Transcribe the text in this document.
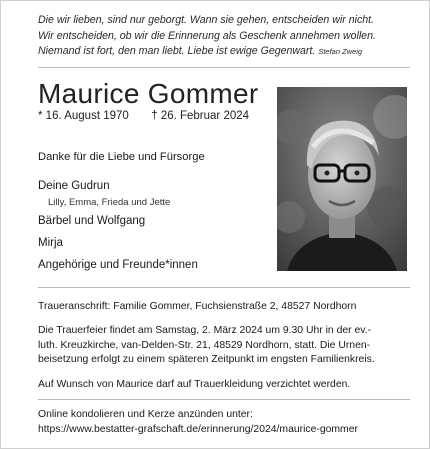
Die wir lieben, sind nur geborgt. Wann sie gehen, entscheiden wir nicht.
Wir entscheiden, ob wir die Erinnerung als Geschenk annehmen wollen.
Niemand ist fort, den man liebt. Liebe ist ewige Gegenwart. Stefan Zweig
Maurice Gommer
* 16. August 1970 † 26. Februar 2024
Danke für die Liebe und Fürsorge
Deine Gudrun
Lilly, Emma, Frieda und Jette
Bärbel und Wolfgang
Mirja
Angehörige und Freunde*innen
Traueranschrift: Familie Gommer, Fuchsienstraße 2, 48527 Nordhorn
Die Trauerfeier findet am Samstag, 2. März 2024 um 9.30 Uhr in der ev.-
luth. Kreuzkirche, van-Delden-Str. 21, 48529 Nordhorn, statt. Die Urnen-
beisetzung erfolgt zu einem späteren Zeitpunkt im engsten Familienkreis.
Auf Wunsch von Maurice darf auf Trauerkleidung verzichtet werden.
Online kondolieren und Kerze anzünden unter:
https://www.bestatter-grafschaft.de/erinnerung/2024/maurice-gommer
